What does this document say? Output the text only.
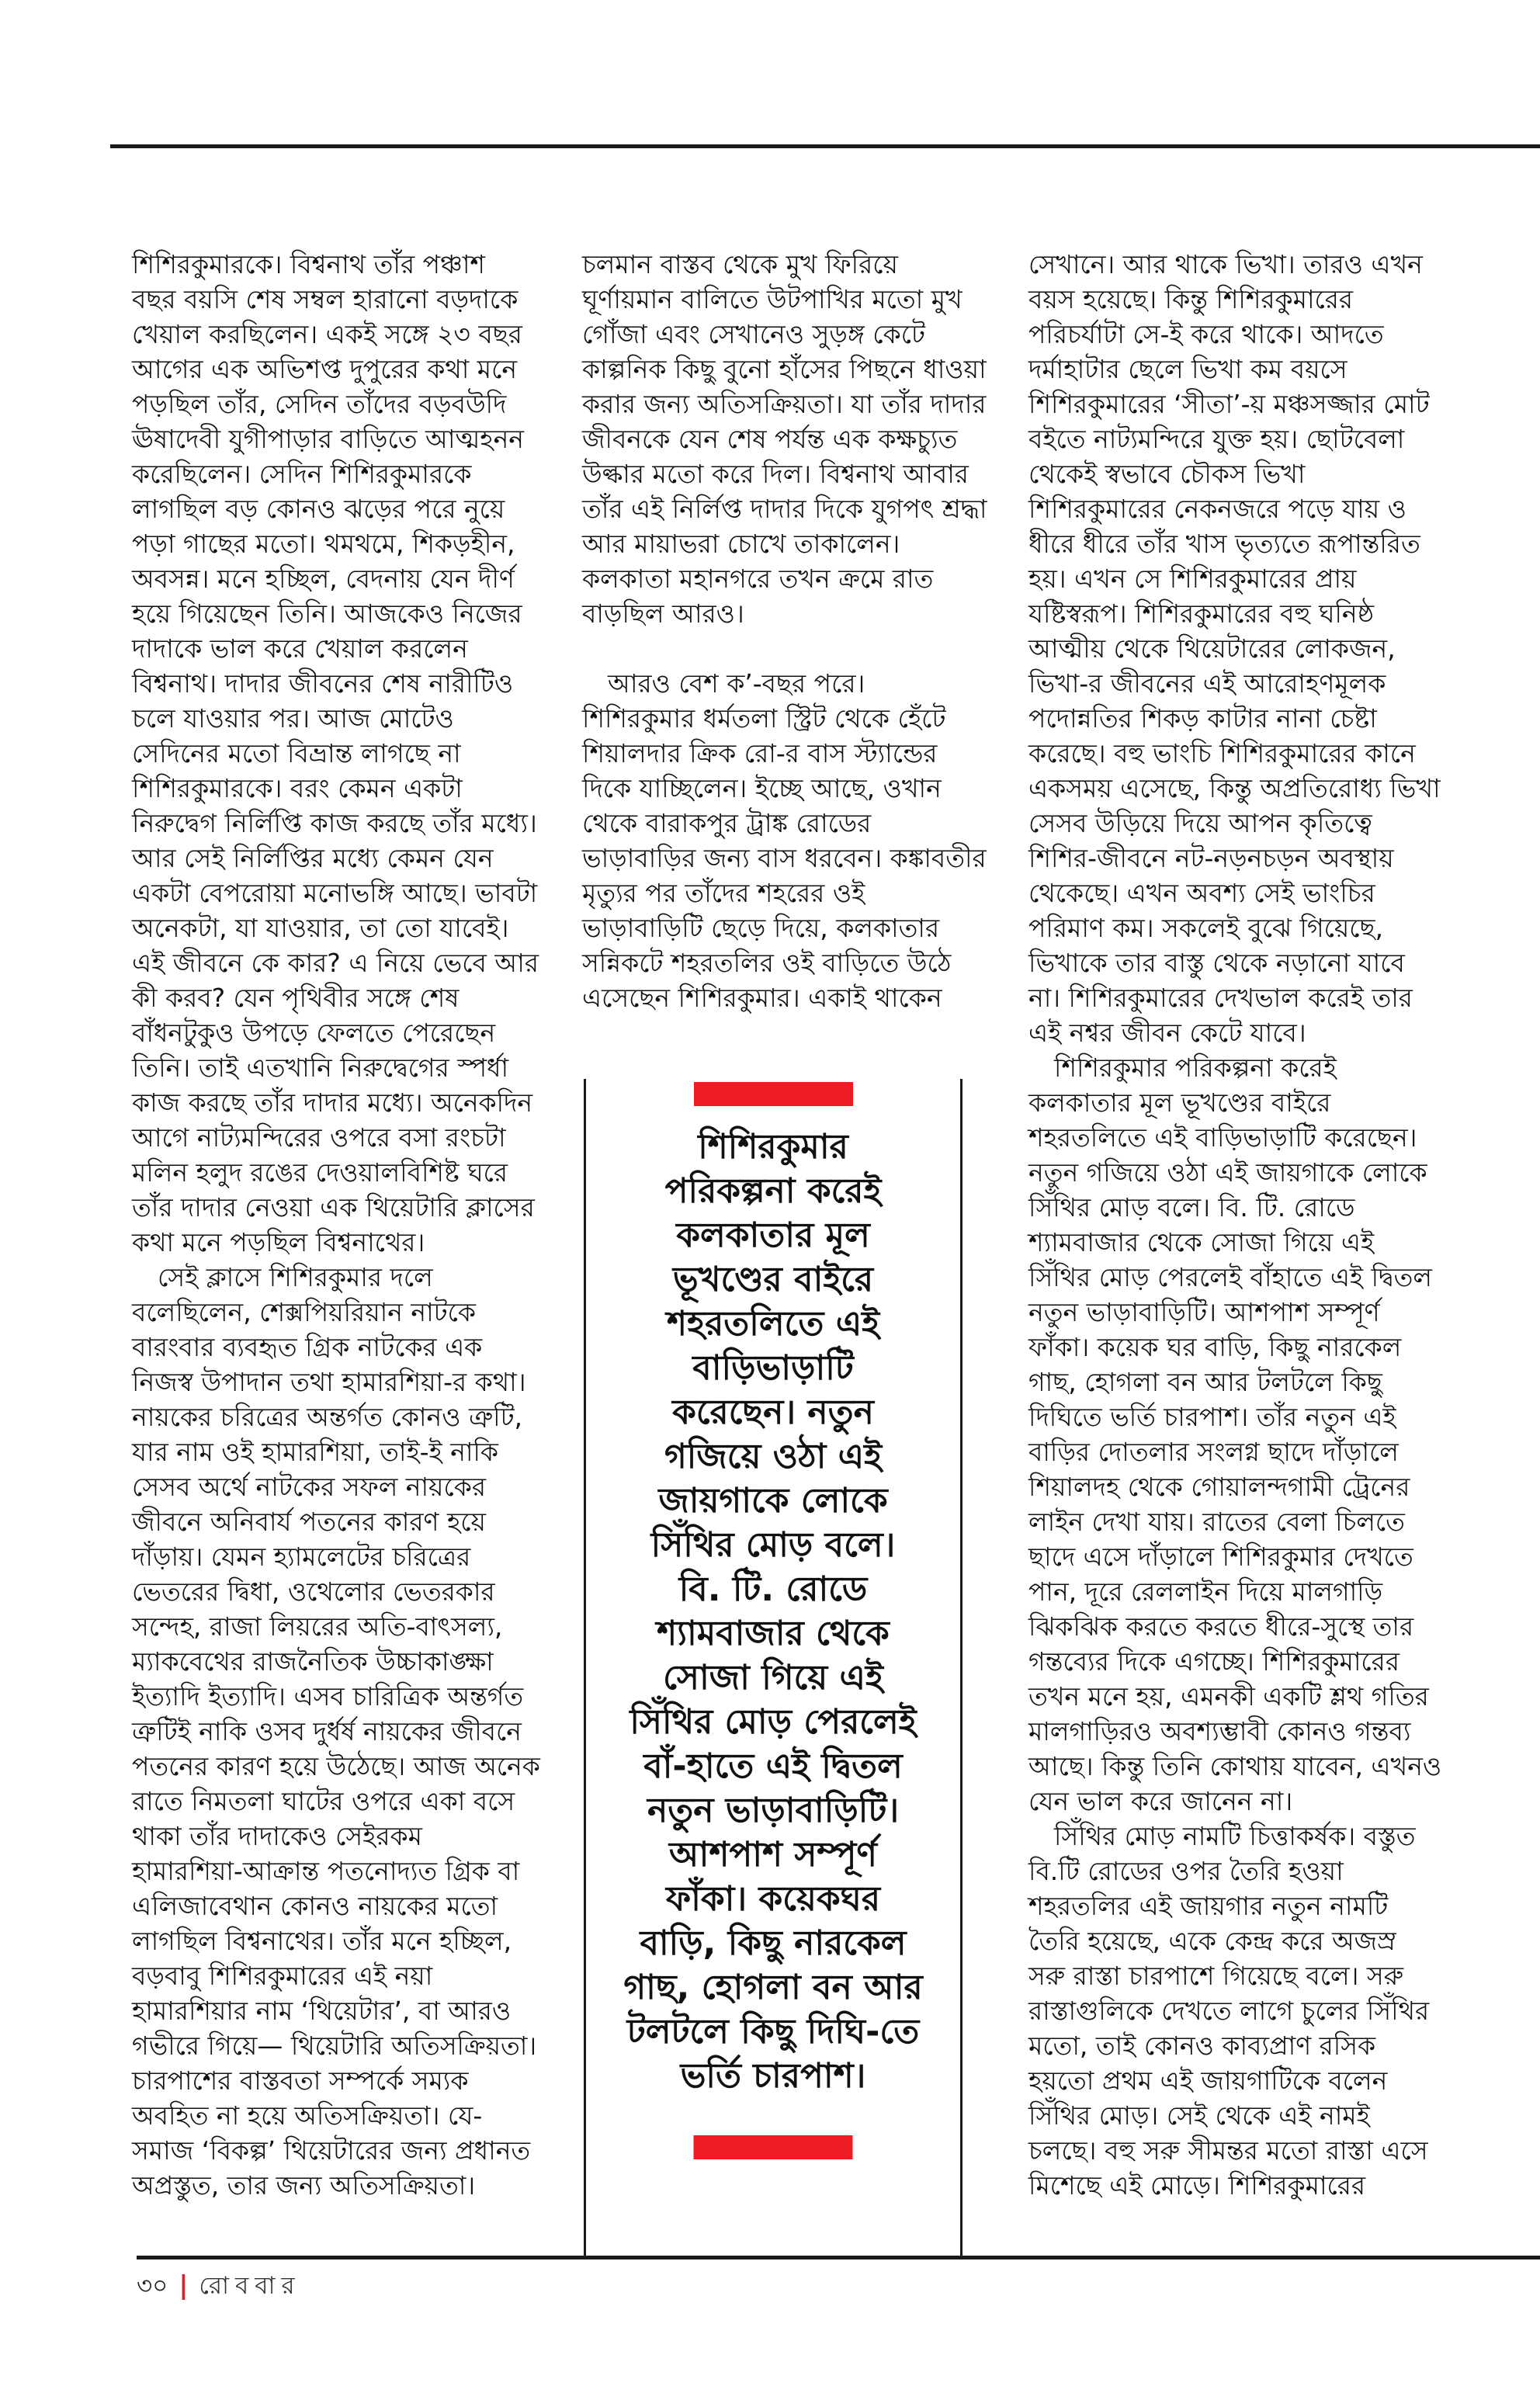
শিশিরকুমারকে। বিশ্বনাথ তাঁর পঞ্চাশ
বছর বয়সি শেষ সম্বল হারানো বড়দাকে
খেয়াল করছিলেন। একই সঙ্গে ২৩ বছর
আগের এক অভিশপ্ত দুপুরের কথা মনে
পড়ছিল তাঁর, সেদিন তাঁদের বড়বউদি
ঊষাদেবী যুগীপাড়ার বাড়িতে আত্মহনন
করেছিলেন। সেদিন শিশিরকুমারকে
লাগছিল বড় কোনও ঝড়ের পরে নুয়ে
পড়া গাছের মতো। থমথমে, শিকড়হীন,
অবসন্ন। মনে হচ্ছিল, বেদনায় যেন দীর্ণ
হয়ে গিয়েছেন তিনি। আজকেও নিজের
দাদাকে ভাল করে খেয়াল করলেন
বিশ্বনাথ। দাদার জীবনের শেষ নারীটিও
চলে যাওয়ার পর। আজ মোটেও
সেদিনের মতো বিভ্রান্ত লাগছে না
শিশিরকুমারকে। বরং কেমন একটা
নিরুদ্বেগ নির্লিপ্তি কাজ করছে তাঁর মধ্যে।
আর সেই নির্লিপ্তির মধ্যে কেমন যেন
একটা বেপরোয়া মনোভঙ্গি আছে। ভাবটা
অনেকটা, যা যাওয়ার, তা তো যাবেই।
এই জীবনে কে কার? এ নিয়ে ভেবে আর
কী করব? যেন পৃথিবীর সঙ্গে শেষ
বাঁধনটুকুও উপড়ে ফেলতে পেরেছেন
তিনি। তাই এতখানি নিরুদ্বেগের স্পর্ধা
কাজ করছে তাঁর দাদার মধ্যে। অনেকদিন
আগে নাট্যমন্দিরের ওপরে বসা রংচটা
মলিন হলুদ রঙের দেওয়ালবিশিষ্ট ঘরে
তাঁর দাদার নেওয়া এক থিয়েটারি ক্লাসের
কথা মনে পড়ছিল বিশ্বনাথের।
 সেই ক্লাসে শিশিরকুমার দলে
বলেছিলেন, শেক্সপিয়রিয়ান নাটকে
বারংবার ব্যবহৃত গ্রিক নাটকের এক
নিজস্ব উপাদান তথা হামারশিয়া-র কথা।
নায়কের চরিত্রের অন্তর্গত কোনও ত্রুটি,
যার নাম ওই হামারশিয়া, তাই-ই নাকি
সেসব অর্থে নাটকের সফল নায়কের
জীবনে অনিবার্য পতনের কারণ হয়ে
দাঁড়ায়। যেমন হ্যামলেটের চরিত্রের
ভেতরের দ্বিধা, ওথেলোর ভেতরকার
সন্দেহ, রাজা লিয়রের অতি-বাৎসল্য,
ম্যাকবেথের রাজনৈতিক উচ্চাকাঙ্ক্ষা
ইত্যাদি ইত্যাদি। এসব চারিত্রিক অন্তর্গত
ত্রুটিই নাকি ওসব দুর্ধর্ষ নায়কের জীবনে
পতনের কারণ হয়ে উঠেছে। আজ অনেক
রাতে নিমতলা ঘাটের ওপরে একা বসে
থাকা তাঁর দাদাকেও সেইরকম
হামারশিয়া-আক্রান্ত পতনোদ্যত গ্রিক বা
এলিজাবেথান কোনও নায়কের মতো
লাগছিল বিশ্বনাথের। তাঁর মনে হচ্ছিল,
বড়বাবু শিশিরকুমারের এই নয়া
হামারশিয়ার নাম ‘থিয়েটার’, বা আরও
গভীরে গিয়ে— থিয়েটারি অতিসক্রিয়তা।
চারপাশের বাস্তবতা সম্পর্কে সম্যক
অবহিত না হয়ে অতিসক্রিয়তা। যে-
সমাজ ‘বিকল্প’ থিয়েটারের জন্য প্রধানত
অপ্রস্তুত, তার জন্য অতিসক্রিয়তা।
চলমান বাস্তব থেকে মুখ ফিরিয়ে
ঘূর্ণায়মান বালিতে উটপাখির মতো মুখ
গোঁজা এবং সেখানেও সুড়ঙ্গ কেটে
কাল্পনিক কিছু বুনো হাঁসের পিছনে ধাওয়া
করার জন্য অতিসক্রিয়তা। যা তাঁর দাদার
জীবনকে যেন শেষ পর্যন্ত এক কক্ষচ্যুত
উল্কার মতো করে দিল। বিশ্বনাথ আবার
তাঁর এই নির্লিপ্ত দাদার দিকে যুগপৎ শ্রদ্ধা
আর মায়াভরা চোখে তাকালেন।
কলকাতা মহানগরে তখন ক্রমে রাত
বাড়ছিল আরও।
 আরও বেশ ক’-বছর পরে।
শিশিরকুমার ধর্মতলা স্ট্রিট থেকে হেঁটে
শিয়ালদার ক্রিক রো-র বাস স্ট্যান্ডের
দিকে যাচ্ছিলেন। ইচ্ছে আছে, ওখান
থেকে বারাকপুর ট্রাঙ্ক রোডের
ভাড়াবাড়ির জন্য বাস ধরবেন। কঙ্কাবতীর
মৃত্যুর পর তাঁদের শহরের ওই
ভাড়াবাড়িটি ছেড়ে দিয়ে, কলকাতার
সন্নিকটে শহরতলির ওই বাড়িতে উঠে
এসেছেন শিশিরকুমার। একাই থাকেন
শিশিরকুমার
পরিকল্পনা করেই
কলকাতার মূল
ভূখণ্ডের বাইরে
শহরতলিতে এই
বাড়িভাড়াটি
করেছেন। নতুন
গজিয়ে ওঠা এই
জায়গাকে লোকে
সিঁথির মোড় বলে।
বি. টি. রোডে
শ্যামবাজার থেকে
সোজা গিয়ে এই
সিঁথির মোড় পেরলেই
বাঁ-হাতে এই দ্বিতল
নতুন ভাড়াবাড়িটি।
আশপাশ সম্পূর্ণ
ফাঁকা। কয়েকঘর
বাড়ি, কিছু নারকেল
গাছ, হোগলা বন আর
টলটলে কিছু দিঘি-তে
ভর্তি চারপাশ।
সেখানে। আর থাকে ভিখা। তারও এখন
বয়স হয়েছে। কিন্তু শিশিরকুমারের
পরিচর্যাটা সে-ই করে থাকে। আদতে
দর্মাহাটার ছেলে ভিখা কম বয়সে
শিশিরকুমারের ‘সীতা’-য় মঞ্চসজ্জার মোট
বইতে নাট্যমন্দিরে যুক্ত হয়। ছোটবেলা
থেকেই স্বভাবে চৌকস ভিখা
শিশিরকুমারের নেকনজরে পড়ে যায় ও
ধীরে ধীরে তাঁর খাস ভৃত্যতে রূপান্তরিত
হয়। এখন সে শিশিরকুমারের প্রায়
যষ্টিস্বরূপ। শিশিরকুমারের বহু ঘনিষ্ঠ
আত্মীয় থেকে থিয়েটারের লোকজন,
ভিখা-র জীবনের এই আরোহণমূলক
পদোন্নতির শিকড় কাটার নানা চেষ্টা
করেছে। বহু ভাংচি শিশিরকুমারের কানে
একসময় এসেছে, কিন্তু অপ্রতিরোধ্য ভিখা
সেসব উড়িয়ে দিয়ে আপন কৃতিত্বে
শিশির-জীবনে নট-নড়নচড়ন অবস্থায়
থেকেছে। এখন অবশ্য সেই ভাংচির
পরিমাণ কম। সকলেই বুঝে গিয়েছে,
ভিখাকে তার বাস্তু থেকে নড়ানো যাবে
না। শিশিরকুমারের দেখভাল করেই তার
এই নশ্বর জীবন কেটে যাবে।
 শিশিরকুমার পরিকল্পনা করেই
কলকাতার মূল ভূখণ্ডের বাইরে
শহরতলিতে এই বাড়িভাড়াটি করেছেন।
নতুন গজিয়ে ওঠা এই জায়গাকে লোকে
সিঁথির মোড় বলে। বি. টি. রোডে
শ্যামবাজার থেকে সোজা গিয়ে এই
সিঁথির মোড় পেরলেই বাঁহাতে এই দ্বিতল
নতুন ভাড়াবাড়িটি। আশপাশ সম্পূর্ণ
ফাঁকা। কয়েক ঘর বাড়ি, কিছু নারকেল
গাছ, হোগলা বন আর টলটলে কিছু
দিঘিতে ভর্তি চারপাশ। তাঁর নতুন এই
বাড়ির দোতলার সংলগ্ন ছাদে দাঁড়ালে
শিয়ালদহ থেকে গোয়ালন্দগামী ট্রেনের
লাইন দেখা যায়। রাতের বেলা চিলতে
ছাদে এসে দাঁড়ালে শিশিরকুমার দেখতে
পান, দূরে রেললাইন দিয়ে মালগাড়ি
ঝিকঝিক করতে করতে ধীরে-সুস্থে তার
গন্তব্যের দিকে এগচ্ছে। শিশিরকুমারের
তখন মনে হয়, এমনকী একটি শ্লথ গতির
মালগাড়িরও অবশ্যম্ভাবী কোনও গন্তব্য
আছে। কিন্তু তিনি কোথায় যাবেন, এখনও
যেন ভাল করে জানেন না।
 সিঁথির মোড় নামটি চিত্তাকর্ষক। বস্তুত
বি.টি রোডের ওপর তৈরি হওয়া
শহরতলির এই জায়গার নতুন নামটি
তৈরি হয়েছে, একে কেন্দ্র করে অজস্র
সরু রাস্তা চারপাশে গিয়েছে বলে। সরু
রাস্তাগুলিকে দেখতে লাগে চুলের সিঁথির
মতো, তাই কোনও কাব্যপ্রাণ রসিক
হয়তো প্রথম এই জায়গাটিকে বলেন
সিঁথির মোড়। সেই থেকে এই নামই
চলছে। বহু সরু সীমন্তর মতো রাস্তা এসে
মিশেছে এই মোড়ে। শিশিরকুমারের
৩০ | রোববার
